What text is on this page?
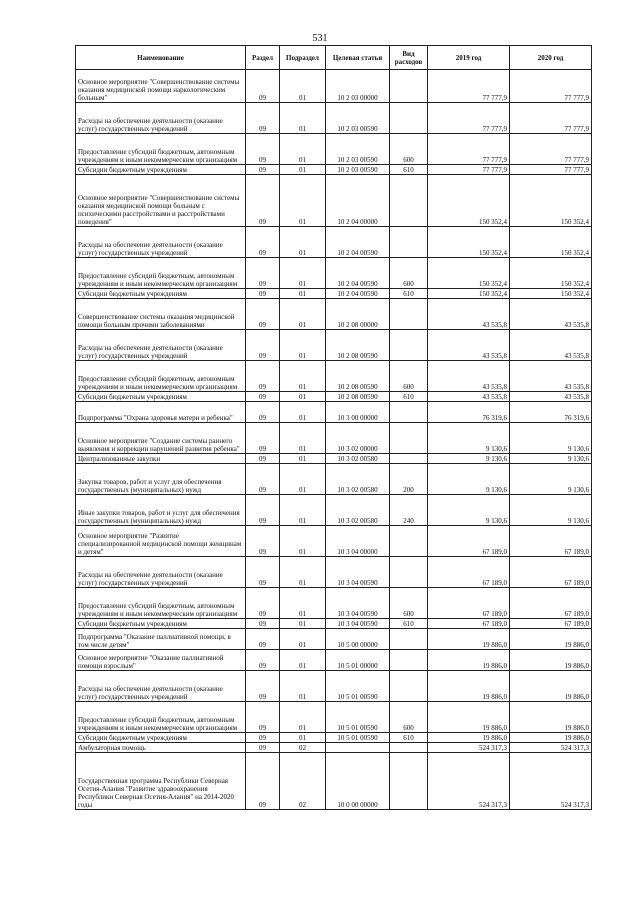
531
Наименование	Раздел	Подраздел	Целевая статья	Вид расходов	2019 год	2020 год
Основное мероприятие "Совершенствование системы оказания медицинской помощи наркологическим больным"	09	01	10 2 03 00000		77 777,9	77 777,9
Расходы на обеспечение деятельности (оказание услуг) государственных учреждений	09	01	10 2 03 00590		77 777,9	77 777,9
Предоставление субсидий бюджетным, автономным учреждениям и иным некоммерческим организациям	09	01	10 2 03 00590	600	77 777,9	77 777,9
Субсидии бюджетным учреждениям	09	01	10 2 03 00590	610	77 777,9	77 777,9
Основное мероприятие "Совершенствование системы оказания медицинской помощи больным с психическими расстройствами и расстройствами поведения"	09	01	10 2 04 00000		150 352,4	150 352,4
Расходы на обеспечение деятельности (оказание услуг) государственных учреждений	09	01	10 2 04 00590		150 352,4	150 352,4
Предоставление субсидий бюджетным, автономным учреждениям и иным некоммерческим организациям	09	01	10 2 04 00590	600	150 352,4	150 352,4
Субсидии бюджетным учреждениям	09	01	10 2 04 00590	610	150 352,4	150 352,4
Совершенствование системы оказания медицинской помощи больным прочими заболеваниями	09	01	10 2 08 00000		43 535,8	43 535,8
Расходы на обеспечение деятельности (оказание услуг) государственных учреждений	09	01	10 2 08 00590		43 535,8	43 535,8
Предоставление субсидий бюджетным, автономным учреждениям и иным некоммерческим организациям	09	01	10 2 08 00590	600	43 535,8	43 535,8
Субсидии бюджетным учреждениям	09	01	10 2 08 00590	610	43 535,8	43 535,8
Подпрограмма "Охрана здоровья матери и ребенка"	09	01	10 3 00 00000		76 319,6	76 319,6
Основное мероприятие "Создание системы раннего выявления и коррекции нарушений развития ребенка"	09	01	10 3 02 00000		9 130,6	9 130,6
Централизованные закупки	09	01	10 3 02 00580		9 130,6	9 130,6
Закупка товаров, работ и услуг для обеспечения государственных (муниципальных) нужд	09	01	10 3 02 00580	200	9 130,6	9 130,6
Иные закупки товаров, работ и услуг для обеспечения государственных (муниципальных) нужд	09	01	10 3 02 00580	240	9 130,6	9 130,6
Основное мероприятие "Развитие специализированной медицинской помощи женщинам и детям"	09	01	10 3 04 00000		67 189,0	67 189,0
Расходы на обеспечение деятельности (оказание услуг) государственных учреждений	09	01	10 3 04 00590		67 189,0	67 189,0
Предоставление субсидий бюджетным, автономным учреждениям и иным некоммерческим организациям	09	01	10 3 04 00590	600	67 189,0	67 189,0
Субсидии бюджетным учреждениям	09	01	10 3 04 00590	610	67 189,0	67 189,0
Подпрограмма "Оказание паллиативной помощи, в том числе детям"	09	01	10 5 00 00000		19 886,0	19 886,0
Основное мероприятие "Оказание паллиативной помощи взрослым"	09	01	10 5 01 00000		19 886,0	19 886,0
Расходы на обеспечение деятельности (оказание услуг) государственных учреждений	09	01	10 5 01 00590		19 886,0	19 886,0
Предоставление субсидий бюджетным, автономным учреждениям и иным некоммерческим организациям	09	01	10 5 01 00590	600	19 886,0	19 886,0
Субсидии бюджетным учреждениям	09	01	10 5 01 00590	610	19 886,0	19 886,0
Амбулаторная помощь	09	02			524 317,3	524 317,3
Государственная программа Республики Северная Осетия-Алания "Развитие здравоохранения Республики Северная Осетия-Алания" на 2014-2020 годы	09	02	10 0 00 00000		524 317,3	524 317,3
